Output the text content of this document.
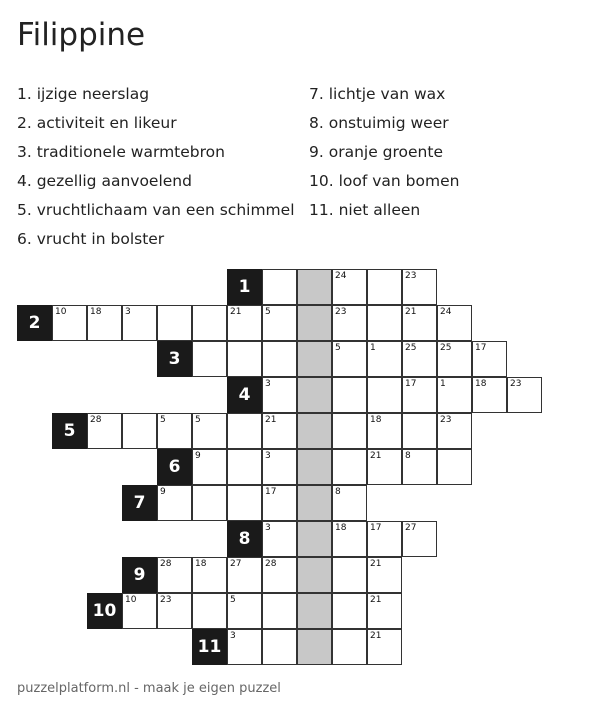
Filippine
1. ijzige neerslag
2. activiteit en likeur
3. traditionele warmtebron
4. gezellig aanvoelend
5. vruchtlichaam van een schimmel
6. vrucht in bolster
7. lichtje van wax
8. onstuimig weer
9. oranje groente
10. loof van bomen
11. niet alleen
1
24	23
2
10	18	3	21	5	23	21	24
3
5	1	25	25	17
4
3	17	1	18	23
5
28	5	5	21	18	23
6
9	3	21	8
7
9	17	8
8
3	18	17	27
9
28	18	27	28	21
10
10	23	5	21
11
3	21
puzzelplatform.nl - maak je eigen puzzel
